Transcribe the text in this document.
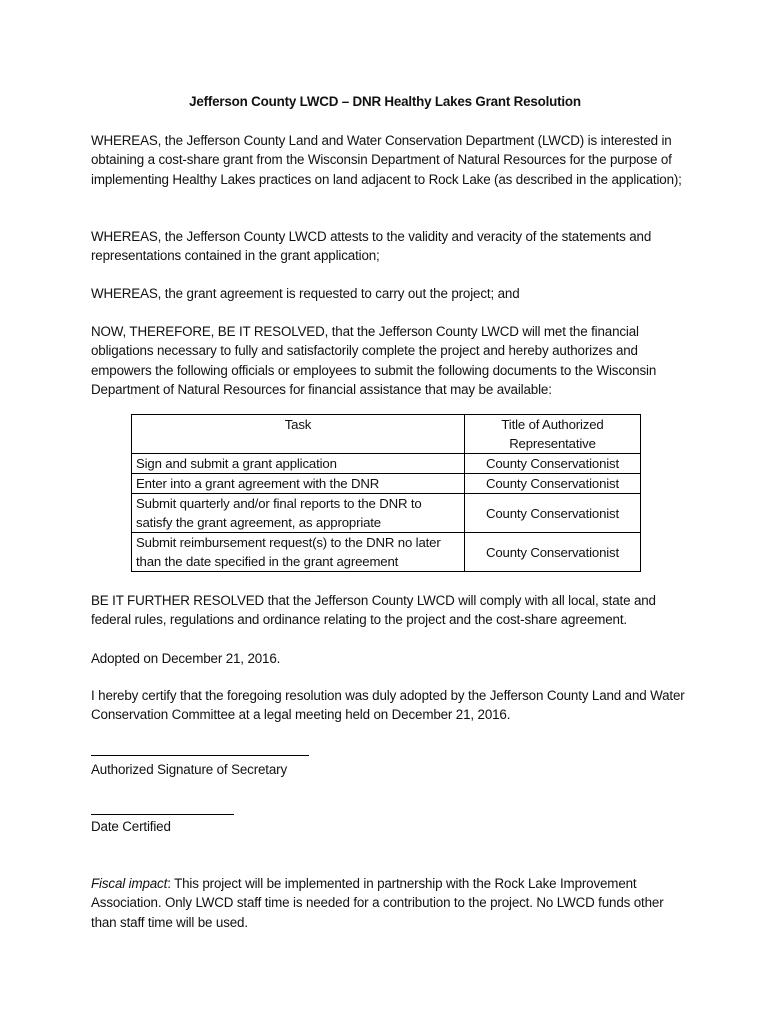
Jefferson County LWCD – DNR Healthy Lakes Grant Resolution

WHEREAS, the Jefferson County Land and Water Conservation Department (LWCD) is interested in obtaining a cost-share grant from the Wisconsin Department of Natural Resources for the purpose of implementing Healthy Lakes practices on land adjacent to Rock Lake (as described in the application);

WHEREAS, the Jefferson County LWCD attests to the validity and veracity of the statements and representations contained in the grant application;

WHEREAS, the grant agreement is requested to carry out the project; and

NOW, THEREFORE, BE IT RESOLVED, that the Jefferson County LWCD will met the financial obligations necessary to fully and satisfactorily complete the project and hereby authorizes and empowers the following officials or employees to submit the following documents to the Wisconsin Department of Natural Resources for financial assistance that may be available:

Task	Title of Authorized Representative
Sign and submit a grant application	County Conservationist
Enter into a grant agreement with the DNR	County Conservationist
Submit quarterly and/or final reports to the DNR to satisfy the grant agreement, as appropriate	County Conservationist
Submit reimbursement request(s) to the DNR no later than the date specified in the grant agreement	County Conservationist

BE IT FURTHER RESOLVED that the Jefferson County LWCD will comply with all local, state and federal rules, regulations and ordinance relating to the project and the cost-share agreement.

Adopted on December 21, 2016.

I hereby certify that the foregoing resolution was duly adopted by the Jefferson County Land and Water Conservation Committee at a legal meeting held on December 21, 2016.

Authorized Signature of Secretary
Date Certified

Fiscal impact: This project will be implemented in partnership with the Rock Lake Improvement Association. Only LWCD staff time is needed for a contribution to the project. No LWCD funds other than staff time will be used.
